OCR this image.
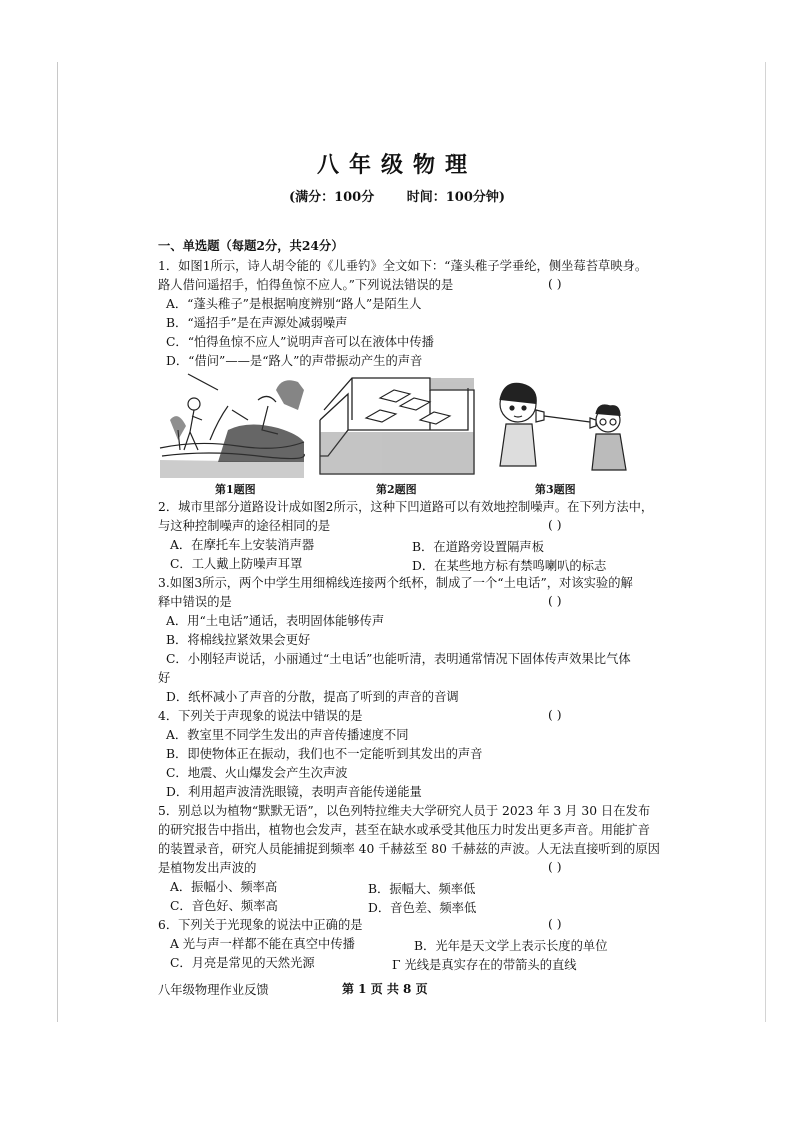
八年级物理
(满分：100分	时间：100分钟)
一、单选题（每题2分，共24分）
1．如图1所示，诗人胡令能的《儿垂钓》全文如下：“蓬头稚子学垂纶，侧坐莓苔草映身。
路人借问遥招手，怕得鱼惊不应人。”下列说法错误的是	( )
A．“蓬头稚子”是根据响度辨别“路人”是陌生人
B．“遥招手”是在声源处减弱噪声
C．“怕得鱼惊不应人”说明声音可以在液体中传播
D．“借问”——是“路人”的声带振动产生的声音
第1题图	第2题图	第3题图
2．城市里部分道路设计成如图2所示，这种下凹道路可以有效地控制噪声。在下列方法中，
与这种控制噪声的途径相同的是	( )
A．在摩托车上安装消声器	B．在道路旁设置隔声板
C．工人戴上防噪声耳罩	D．在某些地方标有禁鸣喇叭的标志
3.如图3所示，两个中学生用细棉线连接两个纸杯，制成了一个“土电话”，对该实验的解
释中错误的是	( )
A．用“土电话”通话，表明固体能够传声
B．将棉线拉紧效果会更好
C．小刚轻声说话，小丽通过“土电话”也能听清，表明通常情况下固体传声效果比气体
好
D．纸杯减小了声音的分散，提高了听到的声音的音调
4．下列关于声现象的说法中错误的是	( )
A．教室里不同学生发出的声音传播速度不同
B．即使物体正在振动，我们也不一定能听到其发出的声音
C．地震、火山爆发会产生次声波
D．利用超声波清洗眼镜，表明声音能传递能量
5．别总以为植物“默默无语”，以色列特拉维夫大学研究人员于 2023 年 3 月 30 日在发布
的研究报告中指出，植物也会发声，甚至在缺水或承受其他压力时发出更多声音。用能扩音
的装置录音，研究人员能捕捉到频率 40 千赫兹至 80 千赫兹的声波。人无法直接听到的原因
是植物发出声波的	( )
A．振幅小、频率高	B．振幅大、频率低
C．音色好、频率高	D．音色差、频率低
6．下列关于光现象的说法中正确的是	( )
A 光与声一样都不能在真空中传播	B．光年是天文学上表示长度的单位
C．月亮是常见的天然光源	Γ 光线是真实存在的带箭头的直线
八年级物理作业反馈	第 1 页 共 8 页
